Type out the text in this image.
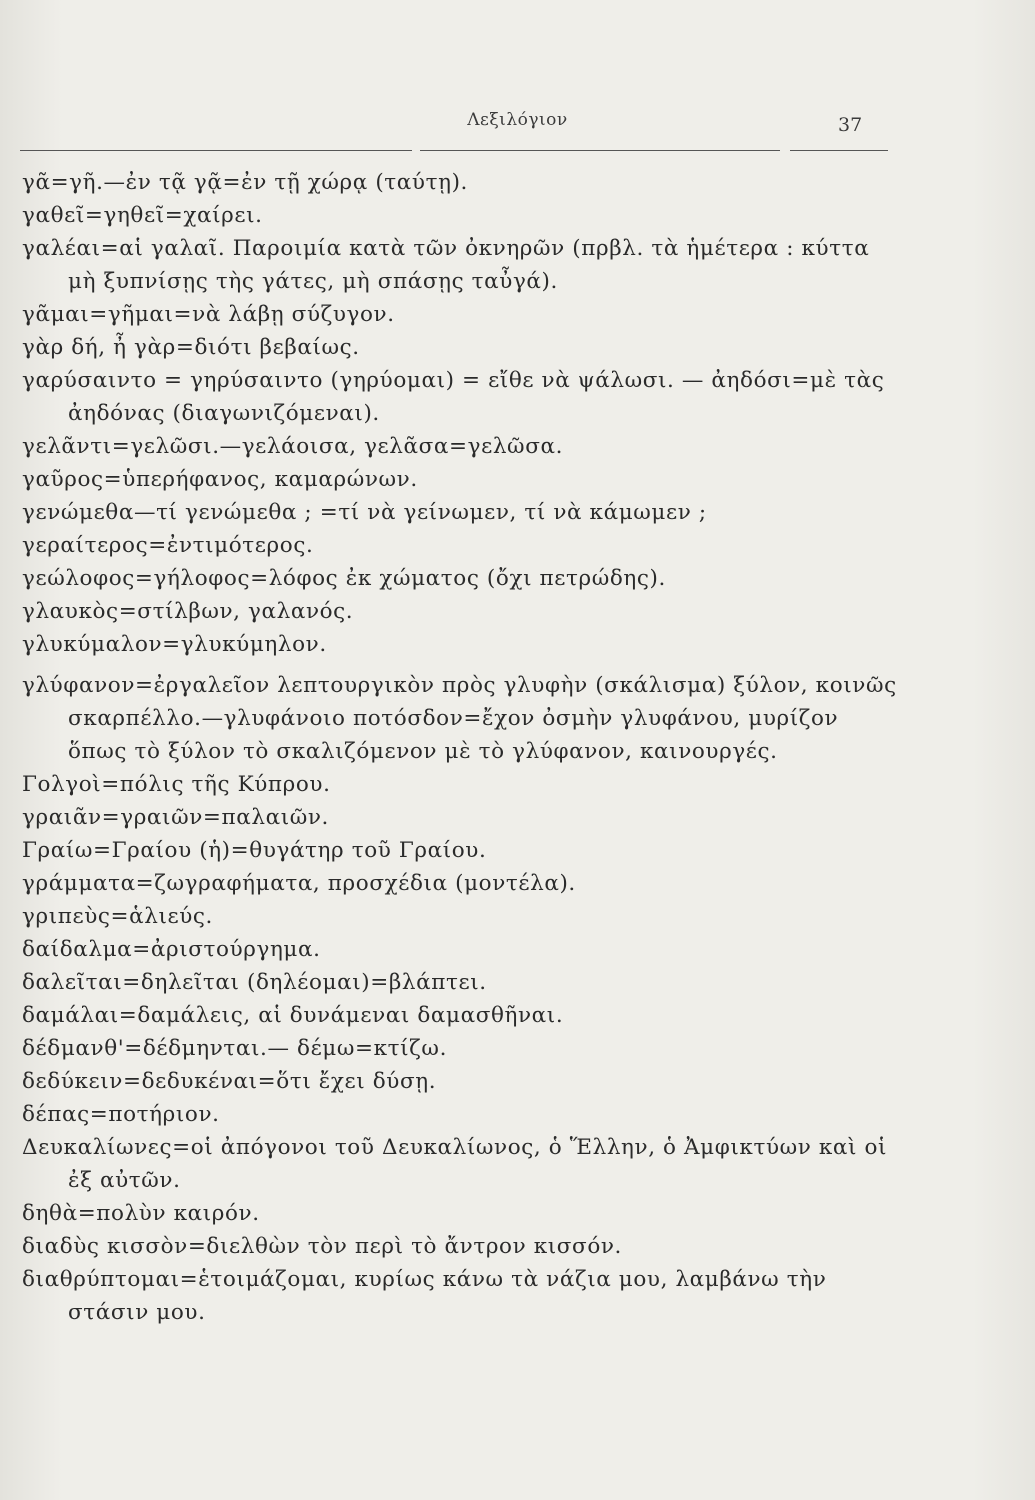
Λεξιλόγιον	37

γᾶ=γῆ.—ἐν τᾷ γᾷ=ἐν τῇ χώρᾳ (ταύτῃ).

γαθεῖ=γηθεῖ=χαίρει.

γαλέαι=αἱ γαλαῖ. Παροιμία κατὰ τῶν ὀκνηρῶν (πρβλ. τὰ ἡμέτερα : κύττα μὴ ξυπνίσῃς τὴς γάτες, μὴ σπάσῃς ταὖγά).

γᾶμαι=γῆμαι=νὰ λάβῃ σύζυγον.

γὰρ δή, ἦ γὰρ=διότι βεβαίως.

γαρύσαιντο = γηρύσαιντο (γηρύομαι) = εἴθε νὰ ψάλωσι. — ἀηδόσι=μὲ τὰς ἀηδόνας (διαγωνιζόμεναι).

γελᾶντι=γελῶσι.—γελάοισα, γελᾶσα=γελῶσα.

γαῦρος=ὑπερήφανος, καμαρώνων.

γενώμεθα—τί γενώμεθα ; =τί νὰ γείνωμεν, τί νὰ κάμωμεν ;

γεραίτερος=ἐντιμότερος.

γεώλοφος=γήλοφος=λόφος ἐκ χώματος (ὄχι πετρώδης).

γλαυκὸς=στίλβων, γαλανός.

γλυκύμαλον=γλυκύμηλον.

γλύφανον=ἐργαλεῖον λεπτουργικὸν πρὸς γλυφὴν (σκάλισμα) ξύλον, κοινῶς σκαρπέλλο.—γλυφάνοιο ποτόσδον=ἔχον ὀσμὴν γλυφάνου, μυρίζον ὅπως τὸ ξύλον τὸ σκαλιζόμενον μὲ τὸ γλύφανον, καινουργές.

Γολγοὶ=πόλις τῆς Κύπρου.

γραιᾶν=γραιῶν=παλαιῶν.

Γραίω=Γραίου (ἡ)=θυγάτηρ τοῦ Γραίου.

γράμματα=ζωγραφήματα, προσχέδια (μοντέλα).

γριπεὺς=ἁλιεύς.

δαίδαλμα=ἀριστούργημα.

δαλεῖται=δηλεῖται (δηλέομαι)=βλάπτει.

δαμάλαι=δαμάλεις, αἱ δυνάμεναι δαμασθῆναι.

δέδμανθ'=δέδμηνται.— δέμω=κτίζω.

δεδύκειν=δεδυκέναι=ὅτι ἔχει δύσῃ.

δέπας=ποτήριον.

Δευκαλίωνες=οἱ ἀπόγονοι τοῦ Δευκαλίωνος, ὁ Ἕλλην, ὁ Ἀμφικτύων καὶ οἱ ἐξ αὐτῶν.

δηθὰ=πολὺν καιρόν.

διαδὺς κισσὸν=διελθὼν τὸν περὶ τὸ ἄντρον κισσόν.

διαθρύπτομαι=ἑτοιμάζομαι, κυρίως κάνω τὰ νάζια μου, λαμβάνω τὴν στάσιν μου.
